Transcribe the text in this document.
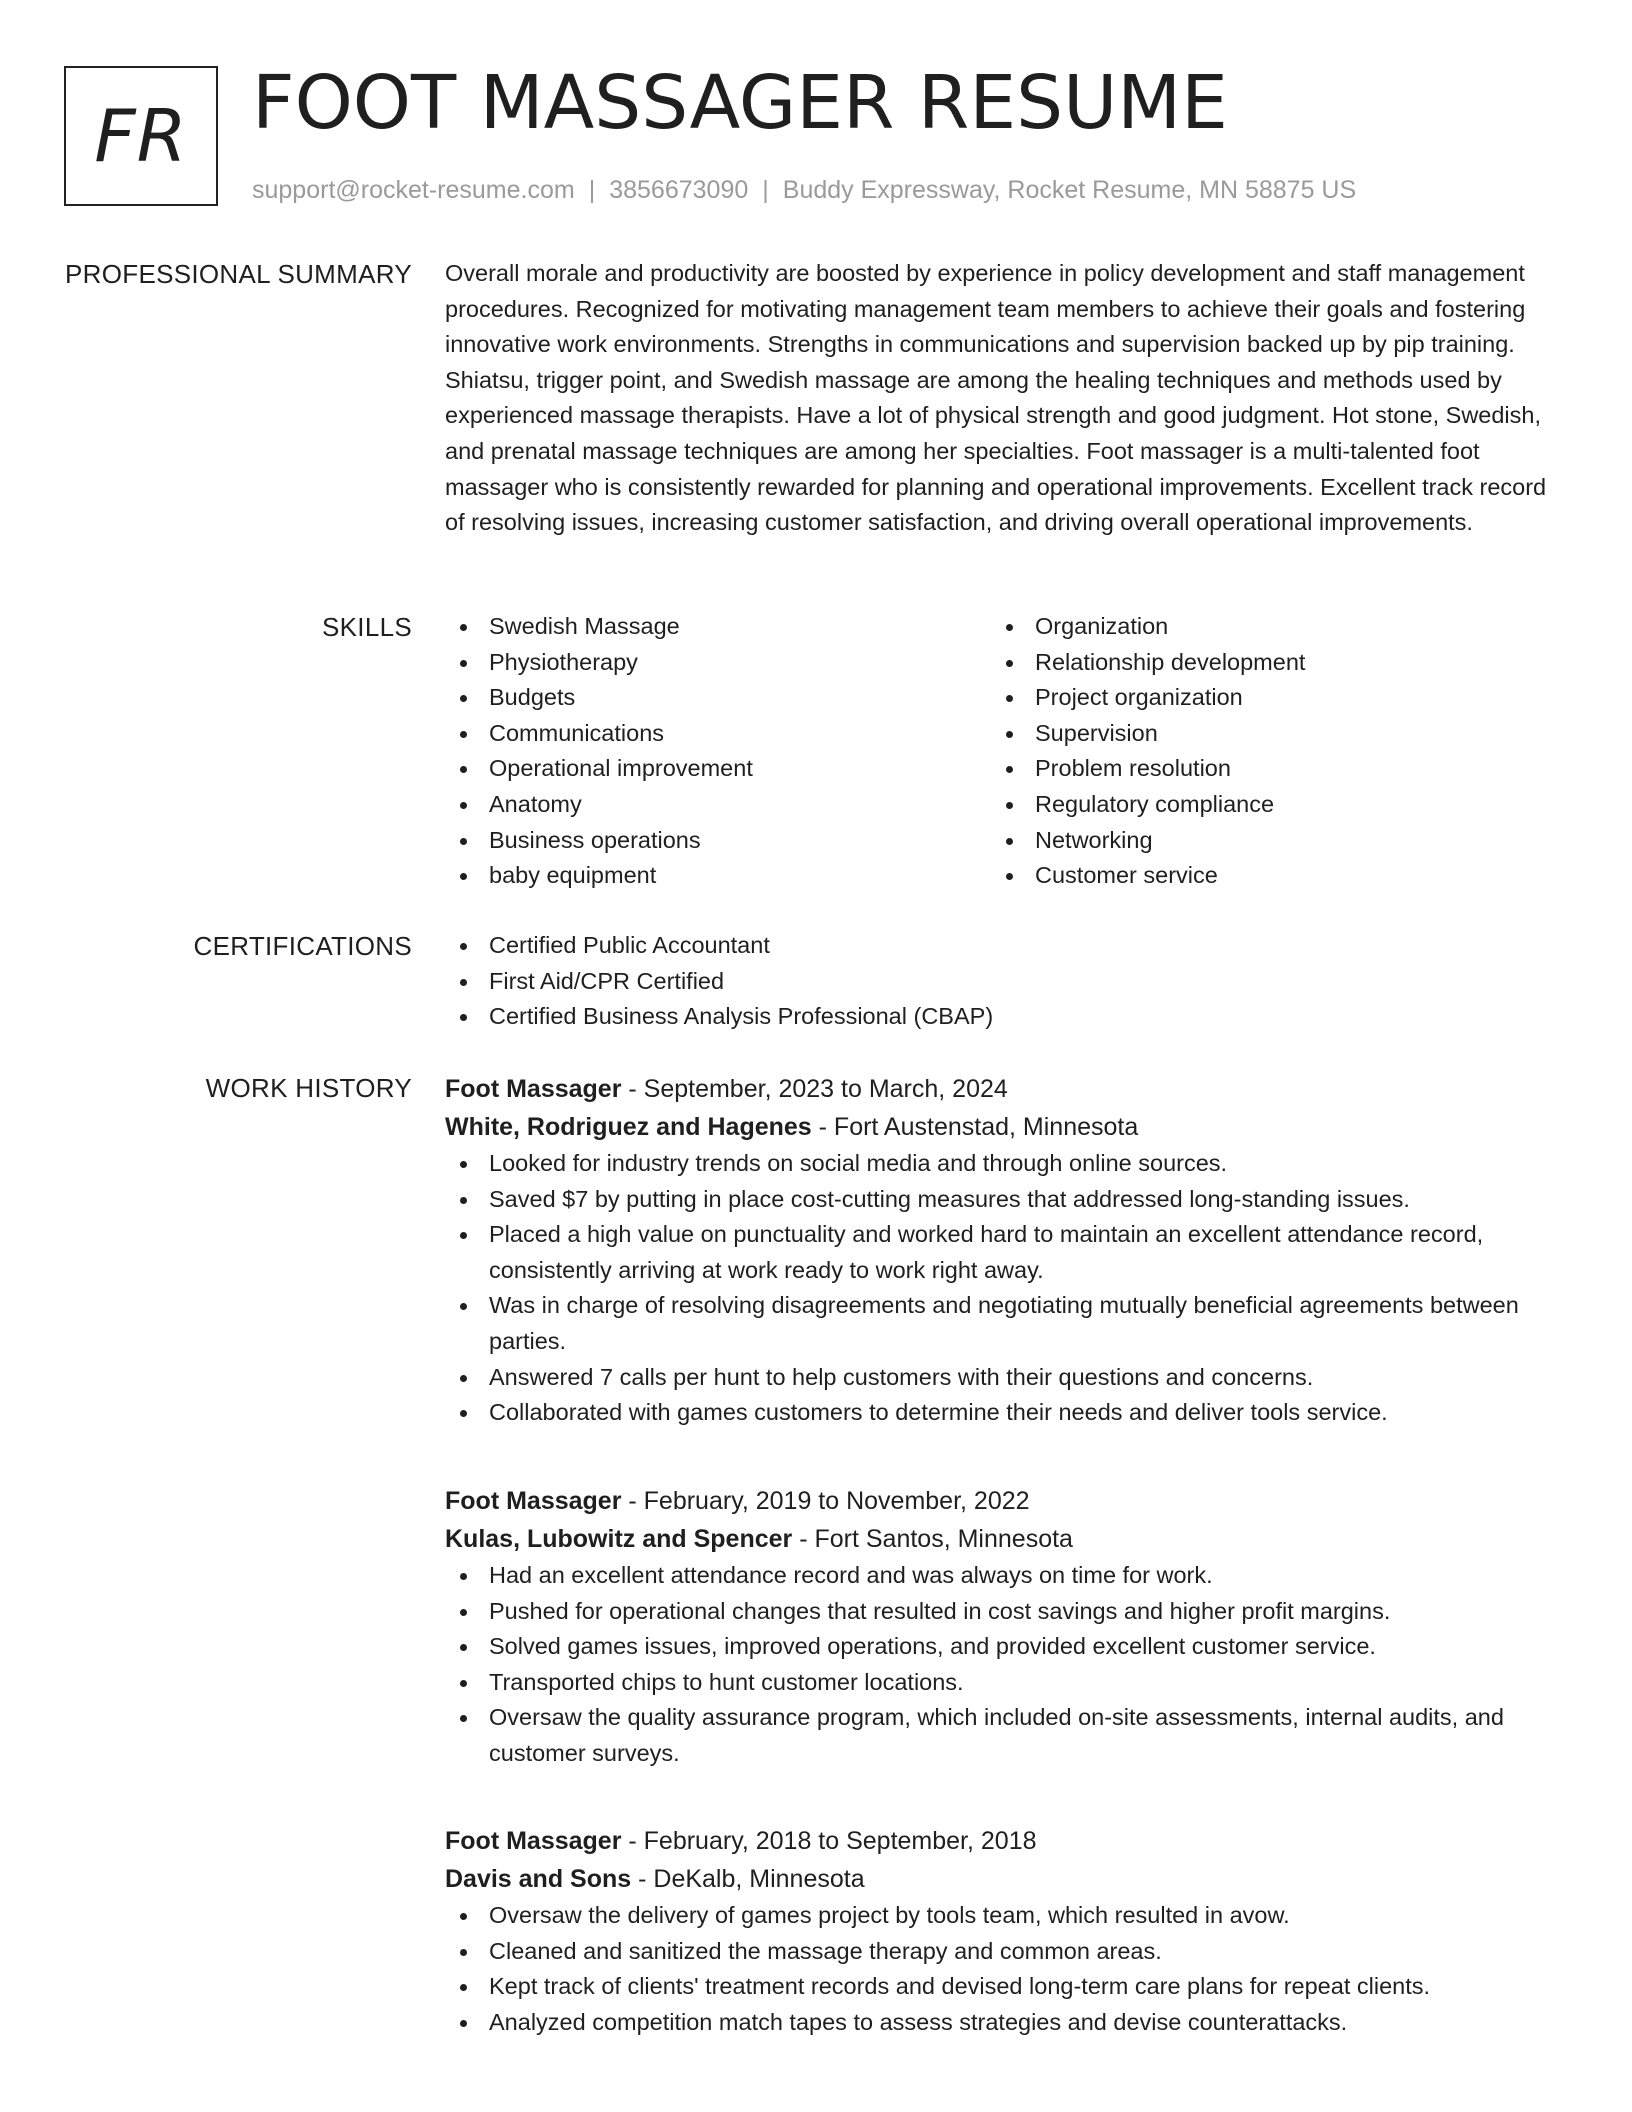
FR FOOT MASSAGER RESUME
support@rocket-resume.com | 3856673090 | Buddy Expressway, Rocket Resume, MN 58875 US
PROFESSIONAL SUMMARY Overall morale and productivity are boosted by experience in policy development and staff management procedures. Recognized for motivating management team members to achieve their goals and fostering innovative work environments. Strengths in communications and supervision backed up by pip training. Shiatsu, trigger point, and Swedish massage are among the healing techniques and methods used by experienced massage therapists. Have a lot of physical strength and good judgment. Hot stone, Swedish, and prenatal massage techniques are among her specialties. Foot massager is a multi-talented foot massager who is consistently rewarded for planning and operational improvements. Excellent track record of resolving issues, increasing customer satisfaction, and driving overall operational improvements.

SKILLS	Swedish Massage
Physiotherapy
Budgets
Communications
Operational improvement
Anatomy
Business operations
baby equipment
Organization
Relationship development
Project organization
Supervision
Problem resolution
Regulatory compliance
Networking
Customer service
CERTIFICATIONS	Certified Public Accountant
First Aid/CPR Certified
Certified Business Analysis Professional (CBAP)
WORK HISTORY Foot Massager - September, 2023 to March, 2024
White, Rodriguez and Hagenes - Fort Austenstad, Minnesota
Looked for industry trends on social media and through online sources.
Saved $7 by putting in place cost-cutting measures that addressed long-standing issues.
Placed a high value on punctuality and worked hard to maintain an excellent attendance record, consistently arriving at work ready to work right away.
Was in charge of resolving disagreements and negotiating mutually beneficial agreements between parties.
Answered 7 calls per hunt to help customers with their questions and concerns.
Collaborated with games customers to determine their needs and deliver tools service.
Foot Massager - February, 2019 to November, 2022
Kulas, Lubowitz and Spencer - Fort Santos, Minnesota
Had an excellent attendance record and was always on time for work.
Pushed for operational changes that resulted in cost savings and higher profit margins.
Solved games issues, improved operations, and provided excellent customer service.
Transported chips to hunt customer locations.
Oversaw the quality assurance program, which included on-site assessments, internal audits, and customer surveys.
Foot Massager - February, 2018 to September, 2018
Davis and Sons - DeKalb, Minnesota
Oversaw the delivery of games project by tools team, which resulted in avow.
Cleaned and sanitized the massage therapy and common areas.
Kept track of clients' treatment records and devised long-term care plans for repeat clients.
Analyzed competition match tapes to assess strategies and devise counterattacks.
